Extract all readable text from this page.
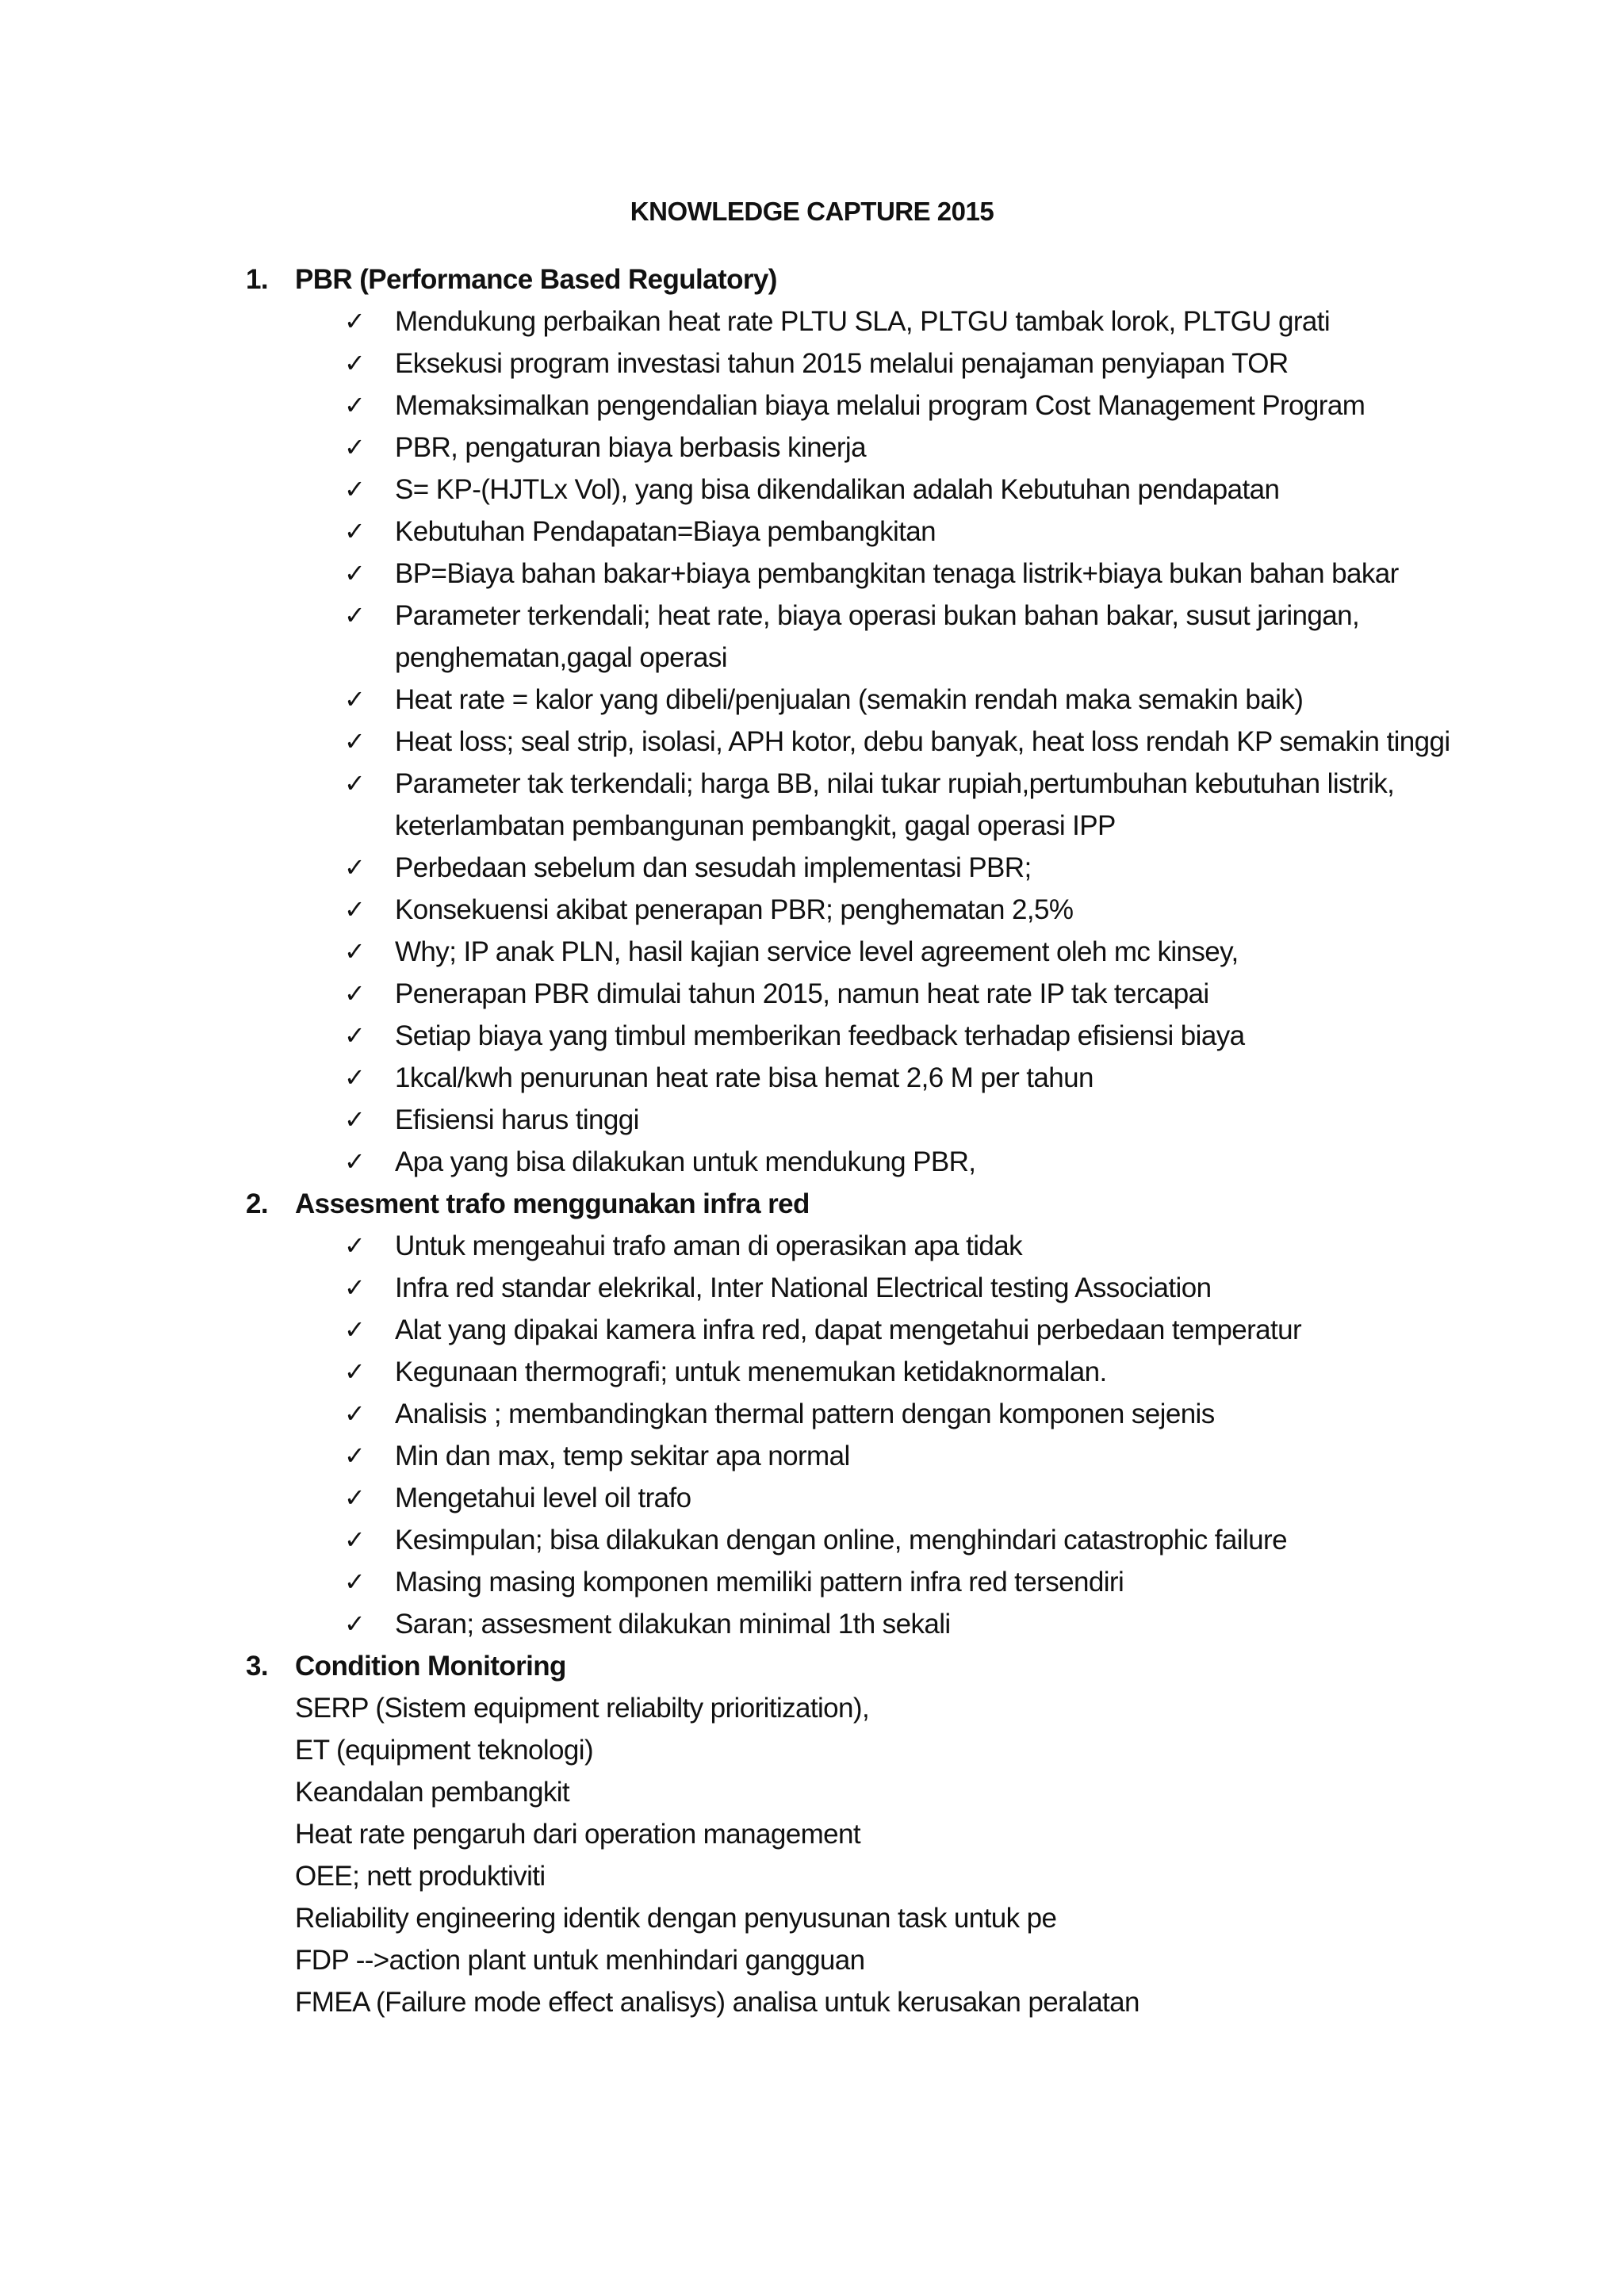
KNOWLEDGE CAPTURE 2015
1. PBR (Performance Based Regulatory)
✓	Mendukung perbaikan heat rate PLTU SLA, PLTGU tambak lorok, PLTGU grati
✓	Eksekusi program investasi tahun 2015 melalui penajaman penyiapan TOR
✓	Memaksimalkan pengendalian biaya melalui program Cost Management Program
✓	PBR, pengaturan biaya berbasis kinerja
✓	S= KP-(HJTLx Vol), yang bisa dikendalikan adalah Kebutuhan pendapatan
✓	Kebutuhan Pendapatan=Biaya pembangkitan
✓	BP=Biaya bahan bakar+biaya pembangkitan tenaga listrik+biaya bukan bahan bakar
✓	Parameter terkendali; heat rate, biaya operasi bukan bahan bakar, susut jaringan, penghematan,gagal operasi
✓	Heat rate = kalor yang dibeli/penjualan (semakin rendah maka semakin baik)
✓	Heat loss; seal strip, isolasi, APH kotor, debu banyak, heat loss rendah KP semakin tinggi
✓	Parameter tak terkendali; harga BB, nilai tukar rupiah,pertumbuhan kebutuhan listrik, keterlambatan pembangunan pembangkit, gagal operasi IPP
✓	Perbedaan sebelum dan sesudah implementasi PBR;
✓	Konsekuensi akibat penerapan PBR; penghematan 2,5%
✓	Why; IP anak PLN, hasil kajian service level agreement oleh mc kinsey,
✓	Penerapan PBR dimulai tahun 2015, namun heat rate IP tak tercapai
✓	Setiap biaya yang timbul memberikan feedback terhadap efisiensi biaya
✓	1kcal/kwh penurunan heat rate bisa hemat 2,6 M per tahun
✓	Efisiensi harus tinggi
✓	Apa yang bisa dilakukan untuk mendukung PBR,
2. Assesment trafo menggunakan infra red
✓	Untuk mengeahui trafo aman di operasikan apa tidak
✓	Infra red standar elekrikal, Inter National Electrical testing Association
✓	Alat yang dipakai kamera infra red, dapat mengetahui perbedaan temperatur
✓	Kegunaan thermografi; untuk menemukan ketidaknormalan.
✓	Analisis ; membandingkan thermal pattern dengan komponen sejenis
✓	Min dan max, temp sekitar apa normal
✓	Mengetahui level oil trafo
✓	Kesimpulan; bisa dilakukan dengan online, menghindari catastrophic failure
✓	Masing masing komponen memiliki pattern infra red tersendiri
✓	Saran; assesment dilakukan minimal 1th sekali
3. Condition Monitoring
SERP (Sistem equipment reliabilty prioritization),
ET (equipment teknologi)
Keandalan pembangkit
Heat rate pengaruh dari operation management
OEE; nett produktiviti
Reliability engineering identik dengan penyusunan task untuk pe
FDP -->action plant untuk menhindari gangguan
FMEA (Failure mode effect analisys) analisa untuk kerusakan peralatan
